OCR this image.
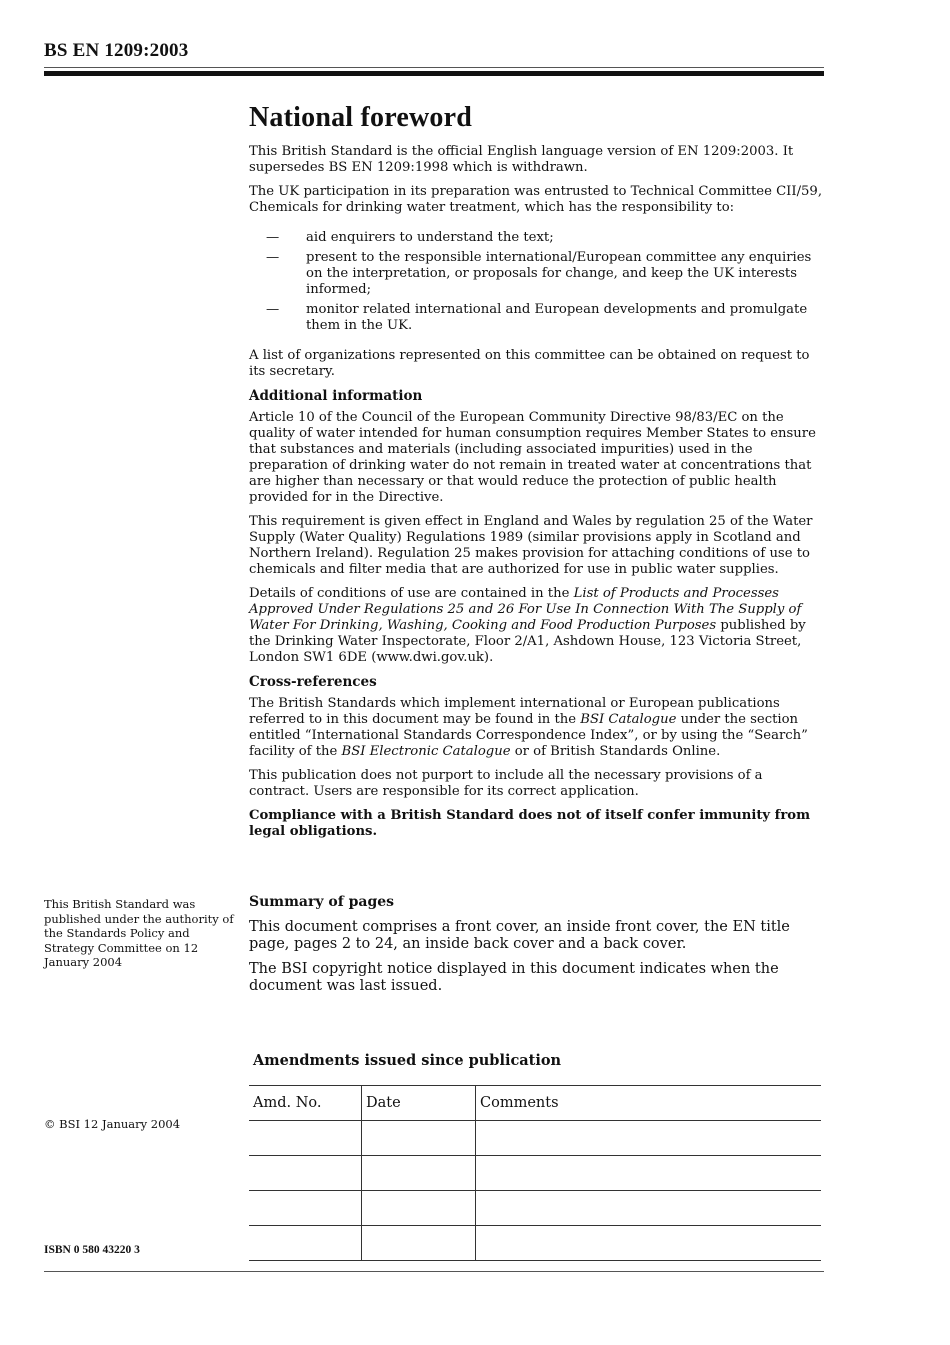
BS EN 1209:2003
National foreword

This British Standard is the official English language version of EN 1209:2003. It supersedes BS EN 1209:1998 which is withdrawn.

The UK participation in its preparation was entrusted to Technical Committee CII/59, Chemicals for drinking water treatment, which has the responsibility to:

— aid enquirers to understand the text;
— present to the responsible international/European committee any enquiries on the interpretation, or proposals for change, and keep the UK interests informed;
— monitor related international and European developments and promulgate them in the UK.

A list of organizations represented on this committee can be obtained on request to its secretary.

Additional information

Article 10 of the Council of the European Community Directive 98/83/EC on the quality of water intended for human consumption requires Member States to ensure that substances and materials (including associated impurities) used in the preparation of drinking water do not remain in treated water at concentrations that are higher than necessary or that would reduce the protection of public health provided for in the Directive.

This requirement is given effect in England and Wales by regulation 25 of the Water Supply (Water Quality) Regulations 1989 (similar provisions apply in Scotland and Northern Ireland). Regulation 25 makes provision for attaching conditions of use to chemicals and filter media that are authorized for use in public water supplies.

Details of conditions of use are contained in the List of Products and Processes Approved Under Regulations 25 and 26 For Use In Connection With The Supply of Water For Drinking, Washing, Cooking and Food Production Purposes published by the Drinking Water Inspectorate, Floor 2/A1, Ashdown House, 123 Victoria Street, London SW1 6DE (www.dwi.gov.uk).

Cross-references

The British Standards which implement international or European publications referred to in this document may be found in the BSI Catalogue under the section entitled “International Standards Correspondence Index”, or by using the “Search” facility of the BSI Electronic Catalogue or of British Standards Online.

This publication does not purport to include all the necessary provisions of a contract. Users are responsible for its correct application.

Compliance with a British Standard does not of itself confer immunity from legal obligations.

This British Standard was published under the authority of the Standards Policy and Strategy Committee on 12 January 2004
Summary of pages

This document comprises a front cover, an inside front cover, the EN title page, pages 2 to 24, an inside back cover and a back cover.

The BSI copyright notice displayed in this document indicates when the document was last issued.

Amendments issued since publication
Amd. No.	Date	Comments

© BSI 12 January 2004
ISBN 0 580 43220 3
